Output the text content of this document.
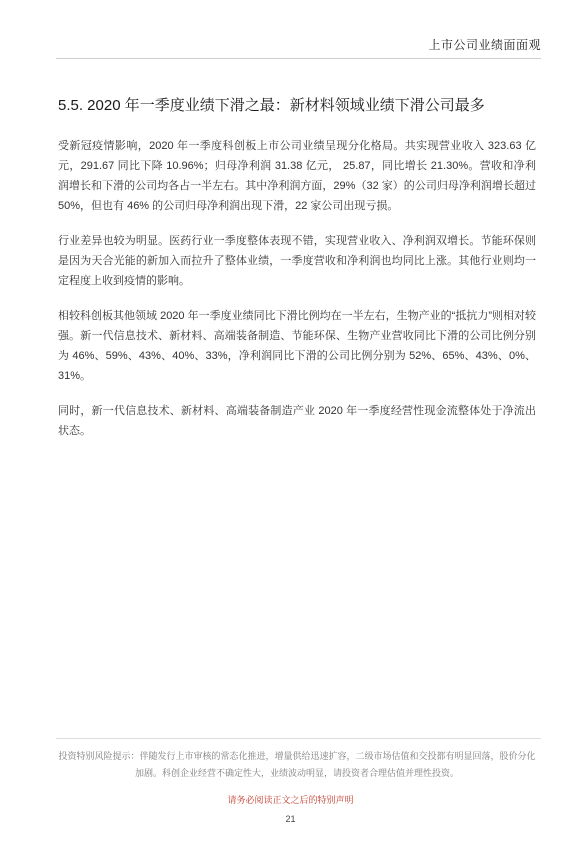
上市公司业绩面面观
5.5. 2020 年一季度业绩下滑之最：新材料领域业绩下滑公司最多

受新冠疫情影响，2020 年一季度科创板上市公司业绩呈现分化格局。共实现营业收入 323.63 亿元，291.67 同比下降 10.96%；归母净利润 31.38 亿元， 25.87，同比增长 21.30%。营收和净利润增长和下滑的公司均各占一半左右。其中净利润方面，29%（32 家）的公司归母净利润增长超过 50%，但也有 46% 的公司归母净利润出现下滑，22 家公司出现亏损。

行业差异也较为明显。医药行业一季度整体表现不错，实现营业收入、净利润双增长。节能环保则是因为天合光能的新加入而拉升了整体业绩，一季度营收和净利润也均同比上涨。其他行业则均一定程度上收到疫情的影响。

相较科创板其他领域 2020 年一季度业绩同比下滑比例均在一半左右，生物产业的“抵抗力”则相对较强。新一代信息技术、新材料、高端装备制造、节能环保、生物产业营收同比下滑的公司比例分别为 46%、59%、43%、40%、33%，净利润同比下滑的公司比例分别为 52%、65%、43%、0%、31%。

同时，新一代信息技术、新材料、高端装备制造产业 2020 年一季度经营性现金流整体处于净流出状态。

投资特别风险提示：伴随发行上市审核的常态化推进，增量供给迅速扩容，二级市场估值和交投都有明显回落，股价分化加剧。科创企业经营不确定性大，业绩波动明显，请投资者合理估值并理性投资。
请务必阅读正文之后的特别声明
21
